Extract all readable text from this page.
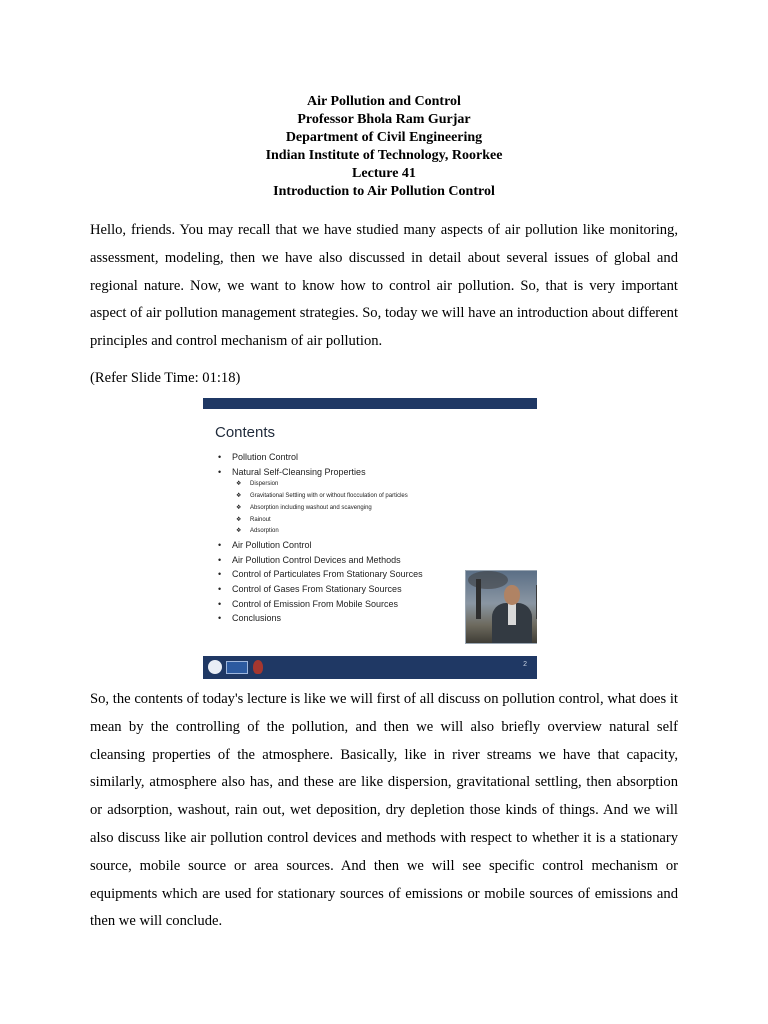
Air Pollution and Control
Professor Bhola Ram Gurjar
Department of Civil Engineering
Indian Institute of Technology, Roorkee
Lecture 41
Introduction to Air Pollution Control

Hello, friends. You may recall that we have studied many aspects of air pollution like monitoring, assessment, modeling, then we have also discussed in detail about several issues of global and regional nature. Now, we want to know how to control air pollution. So, that is very important aspect of air pollution management strategies. So, today we will have an introduction about different principles and control mechanism of air pollution.

(Refer Slide Time: 01:18)
Contents
• Pollution Control
• Natural Self-Cleansing Properties
❖ Dispersion
❖ Gravitational Settling with or without flocculation of particles
❖ Absorption including washout and scavenging
❖ Rainout
❖ Adsorption
• Air Pollution Control
• Air Pollution Control Devices and Methods
• Control of Particulates From Stationary Sources
• Control of Gases From Stationary Sources
• Control of Emission From Mobile Sources
• Conclusions
2

So, the contents of today's lecture is like we will first of all discuss on pollution control, what does it mean by the controlling of the pollution, and then we will also briefly overview natural self cleansing properties of the atmosphere. Basically, like in river streams we have that capacity, similarly, atmosphere also has, and these are like dispersion, gravitational settling, then absorption or adsorption, washout, rain out, wet deposition, dry depletion those kinds of things. And we will also discuss like air pollution control devices and methods with respect to whether it is a stationary source, mobile source or area sources. And then we will see specific control mechanism or equipments which are used for stationary sources of emissions or mobile sources of emissions and then we will conclude.
